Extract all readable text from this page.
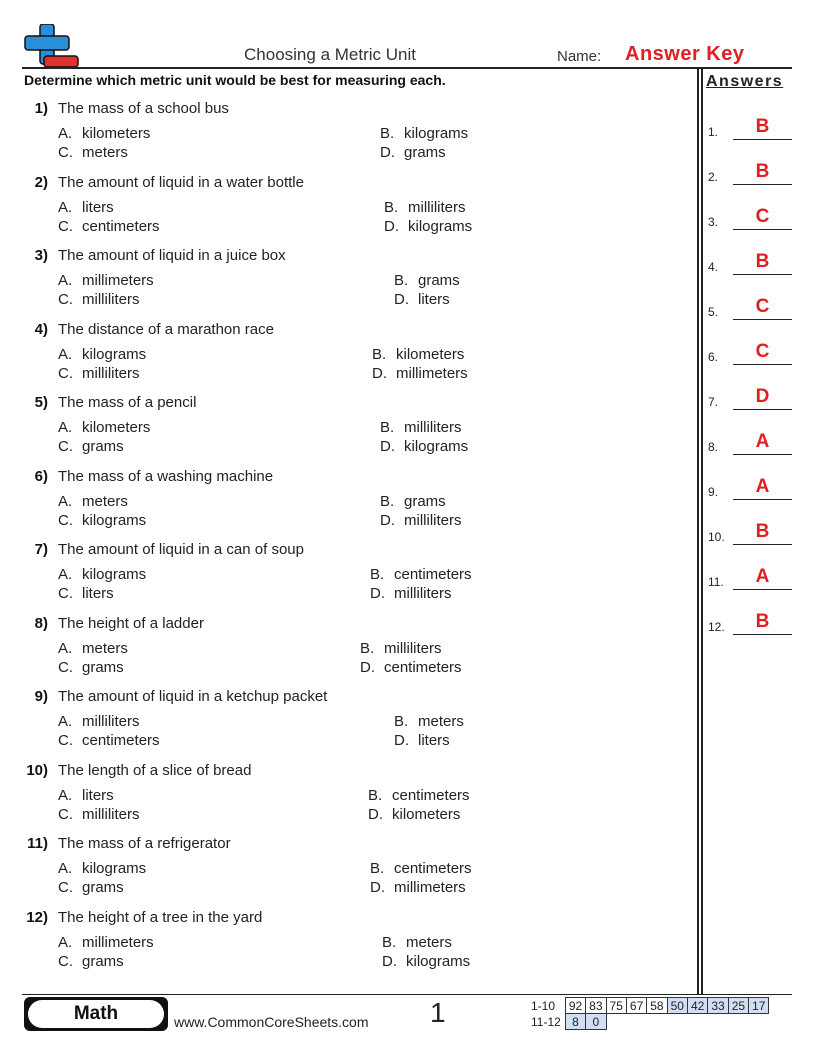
Choosing a Metric Unit	Name: Answer Key
Determine which metric unit would be best for measuring each.	Answers
1) The mass of a school bus
A. kilometers	B. kilograms
C. meters	D. grams
2) The amount of liquid in a water bottle
A. liters	B. milliliters
C. centimeters	D. kilograms
3) The amount of liquid in a juice box
A. millimeters	B. grams
C. milliliters	D. liters
4) The distance of a marathon race
A. kilograms	B. kilometers
C. milliliters	D. millimeters
5) The mass of a pencil
A. kilometers	B. milliliters
C. grams	D. kilograms
6) The mass of a washing machine
A. meters	B. grams
C. kilograms	D. milliliters
7) The amount of liquid in a can of soup
A. kilograms	B. centimeters
C. liters	D. milliliters
8) The height of a ladder
A. meters	B. milliliters
C. grams	D. centimeters
9) The amount of liquid in a ketchup packet
A. milliliters	B. meters
C. centimeters	D. liters
10) The length of a slice of bread
A. liters	B. centimeters
C. milliliters	D. kilometers
11) The mass of a refrigerator
A. kilograms	B. centimeters
C. grams	D. millimeters
12) The height of a tree in the yard
A. millimeters	B. meters
C. grams	D. kilograms
1.	B
2.	B
3.	C
4.	B
5.	C
6.	C
7.	D
8.	A
9.	A
10.	B
11.	A
12.	B
Math	www.CommonCoreSheets.com 1	1-10	92	83	75	67	58	50	42	33	25	17
11-12	8	0								
